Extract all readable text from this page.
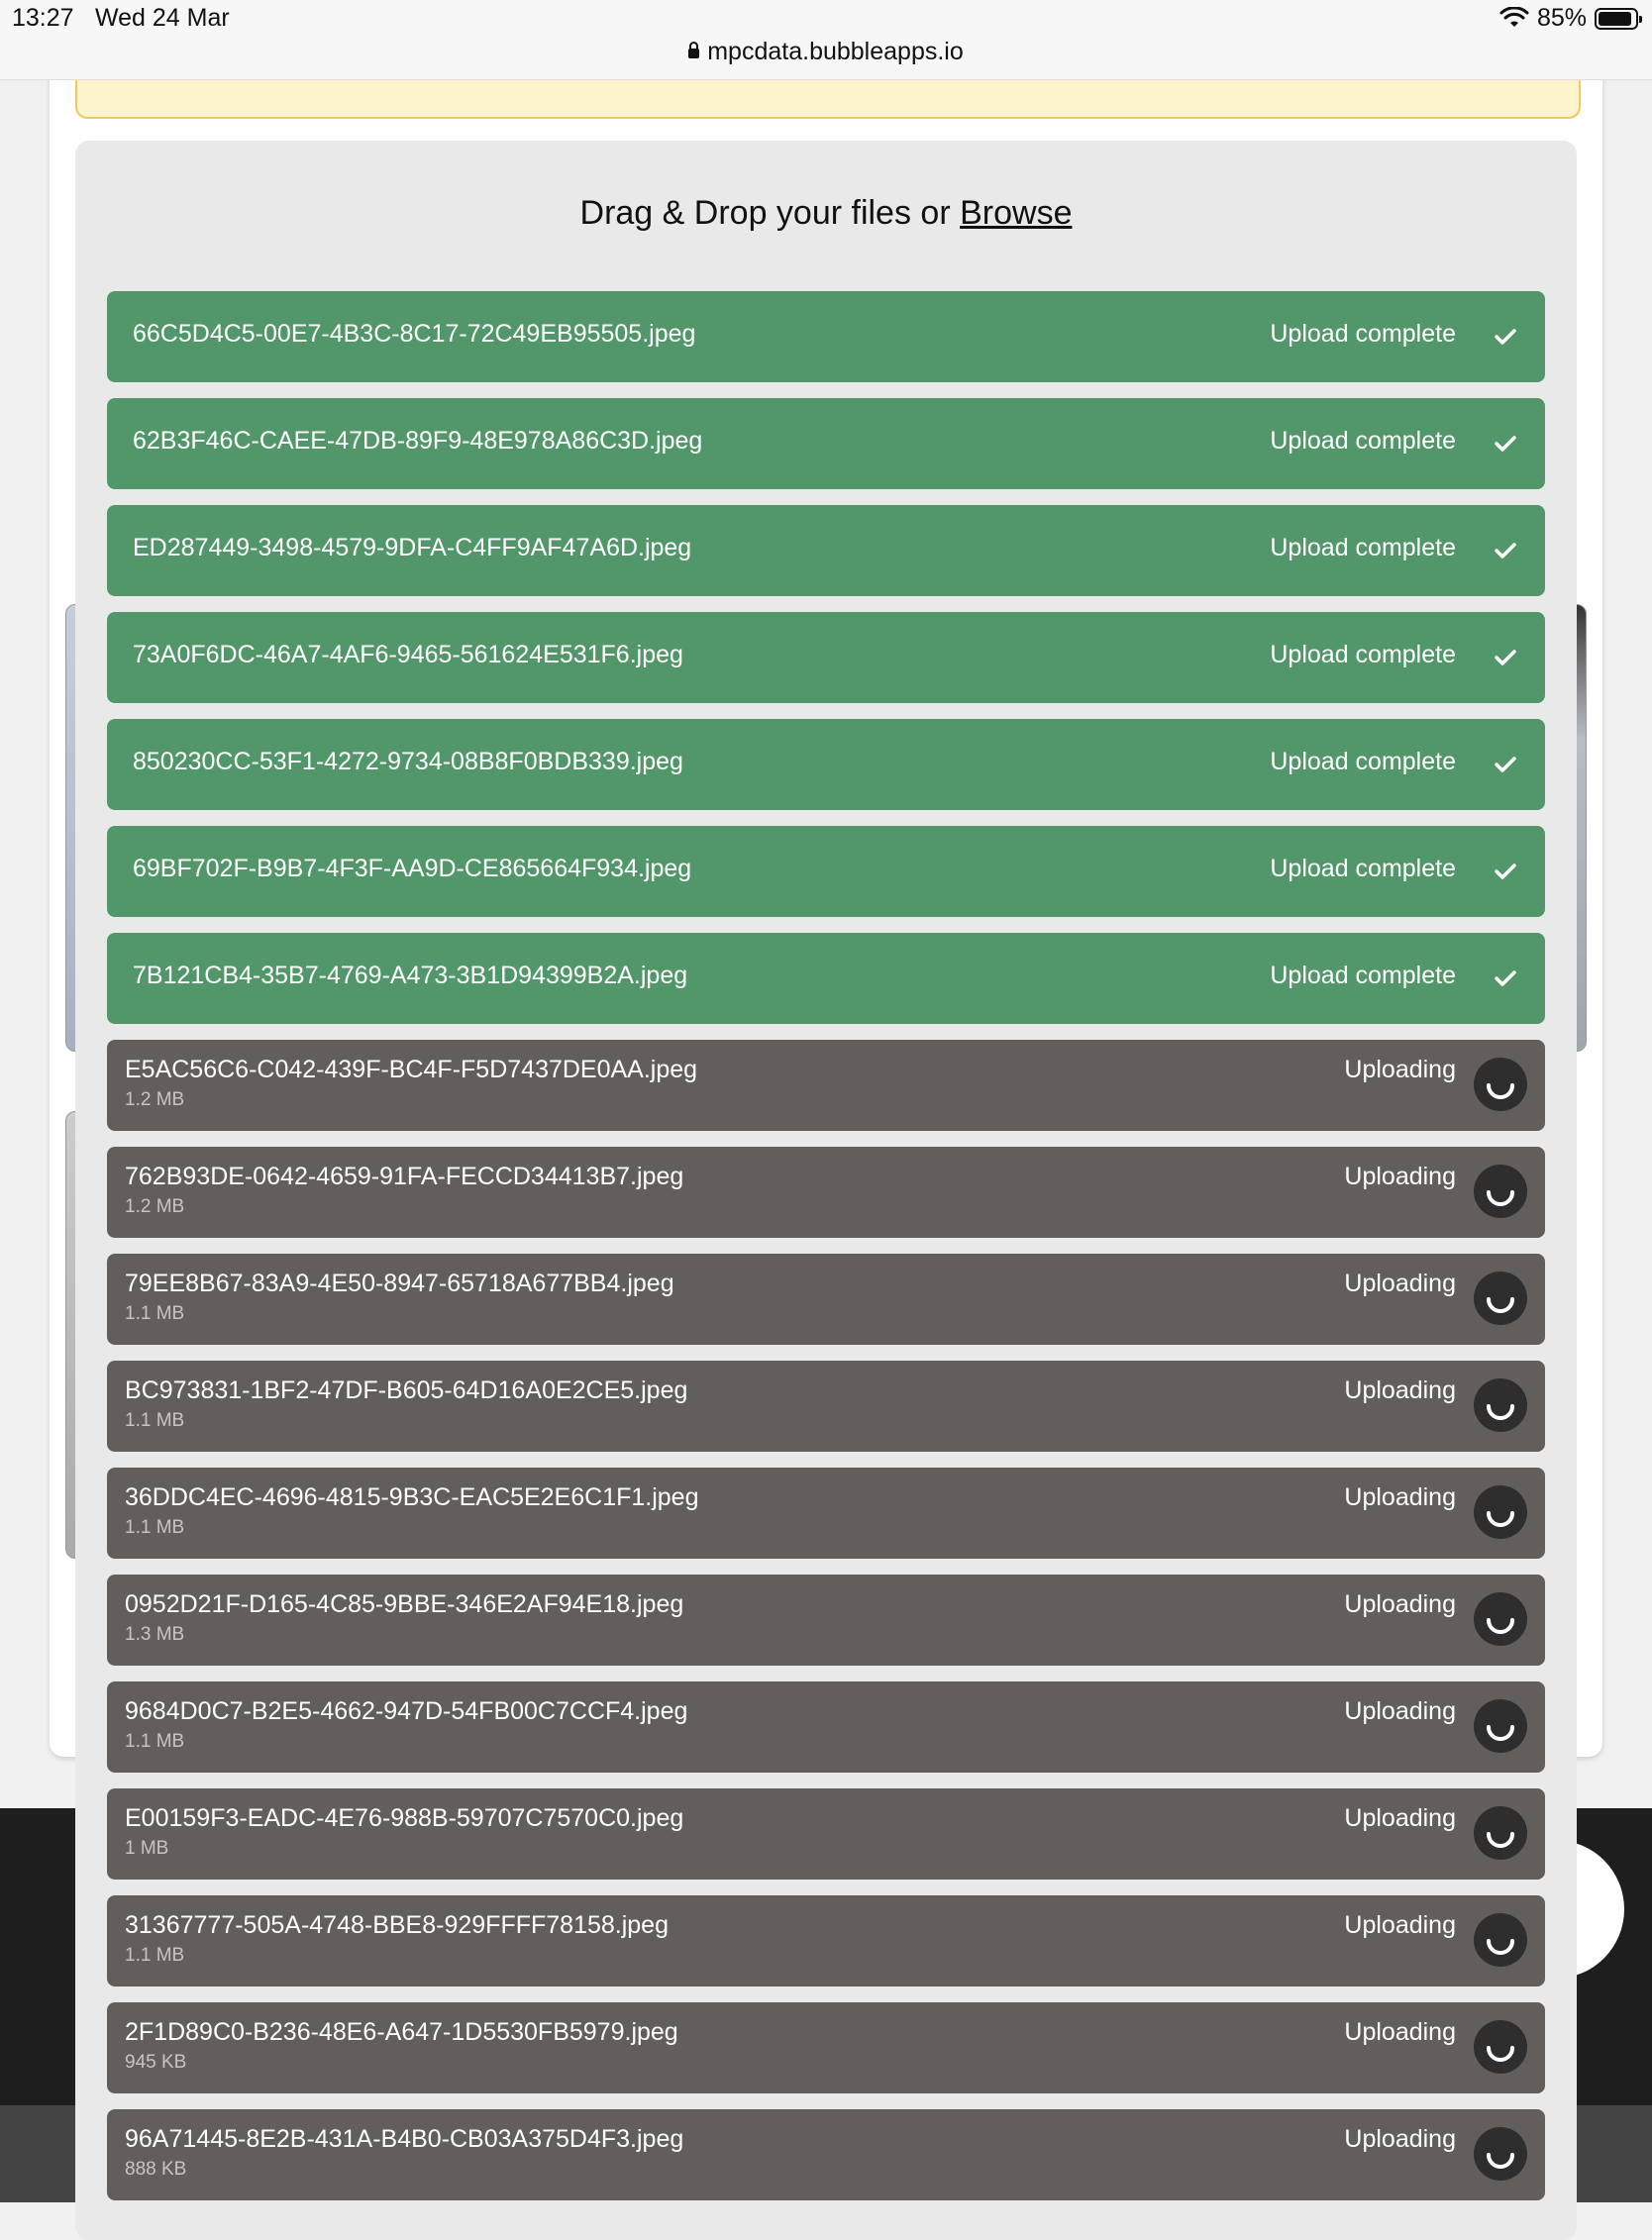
13:27 Wed 24 Mar	85%
mpcdata.bubbleapps.io
Drag & Drop your files or Browse
66C5D4C5-00E7-4B3C-8C17-72C49EB95505.jpeg	Upload complete
62B3F46C-CAEE-47DB-89F9-48E978A86C3D.jpeg	Upload complete
ED287449-3498-4579-9DFA-C4FF9AF47A6D.jpeg	Upload complete
73A0F6DC-46A7-4AF6-9465-561624E531F6.jpeg	Upload complete
850230CC-53F1-4272-9734-08B8F0BDB339.jpeg	Upload complete
69BF702F-B9B7-4F3F-AA9D-CE865664F934.jpeg	Upload complete
7B121CB4-35B7-4769-A473-3B1D94399B2A.jpeg	Upload complete
E5AC56C6-C042-439F-BC4F-F5D7437DE0AA.jpeg
1.2 MB
Uploading
762B93DE-0642-4659-91FA-FECCD34413B7.jpeg
1.2 MB
Uploading
79EE8B67-83A9-4E50-8947-65718A677BB4.jpeg
1.1 MB
Uploading
BC973831-1BF2-47DF-B605-64D16A0E2CE5.jpeg
1.1 MB
Uploading
36DDC4EC-4696-4815-9B3C-EAC5E2E6C1F1.jpeg
1.1 MB
Uploading
0952D21F-D165-4C85-9BBE-346E2AF94E18.jpeg
1.3 MB
Uploading
9684D0C7-B2E5-4662-947D-54FB00C7CCF4.jpeg
1.1 MB
Uploading
E00159F3-EADC-4E76-988B-59707C7570C0.jpeg
1 MB
Uploading
31367777-505A-4748-BBE8-929FFFF78158.jpeg
1.1 MB
Uploading
2F1D89C0-B236-48E6-A647-1D5530FB5979.jpeg
945 KB
Uploading
96A71445-8E2B-431A-B4B0-CB03A375D4F3.jpeg
888 KB
Uploading
